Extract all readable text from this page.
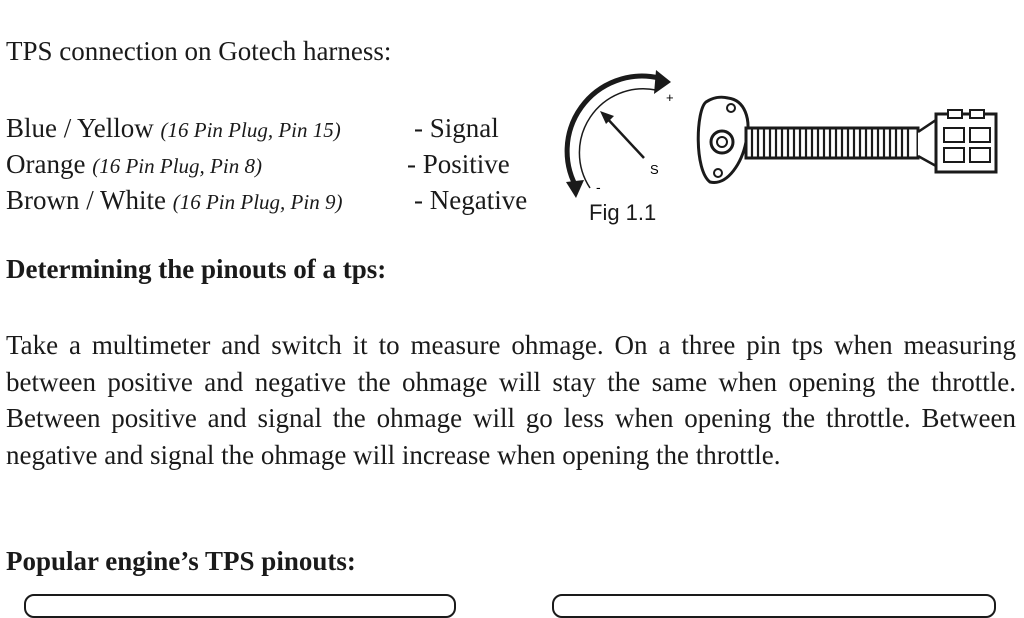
TPS connection on Gotech harness:
Blue / Yellow (16 Pin Plug, Pin 15)	- Signal
Orange (16 Pin Plug, Pin 8)	- Positive
Brown / White (16 Pin Plug, Pin 9)	- Negative
+
-
S
Fig 1.1
Determining the pinouts of a tps:
Take a multimeter and switch it to measure ohmage. On a three pin tps when measuring between positive and negative the ohmage will stay the same when opening the throttle. Between positive and signal the ohmage will go less when opening the throttle. Between negative and signal the ohmage will increase when opening the throttle.
Popular engine’s TPS pinouts:
